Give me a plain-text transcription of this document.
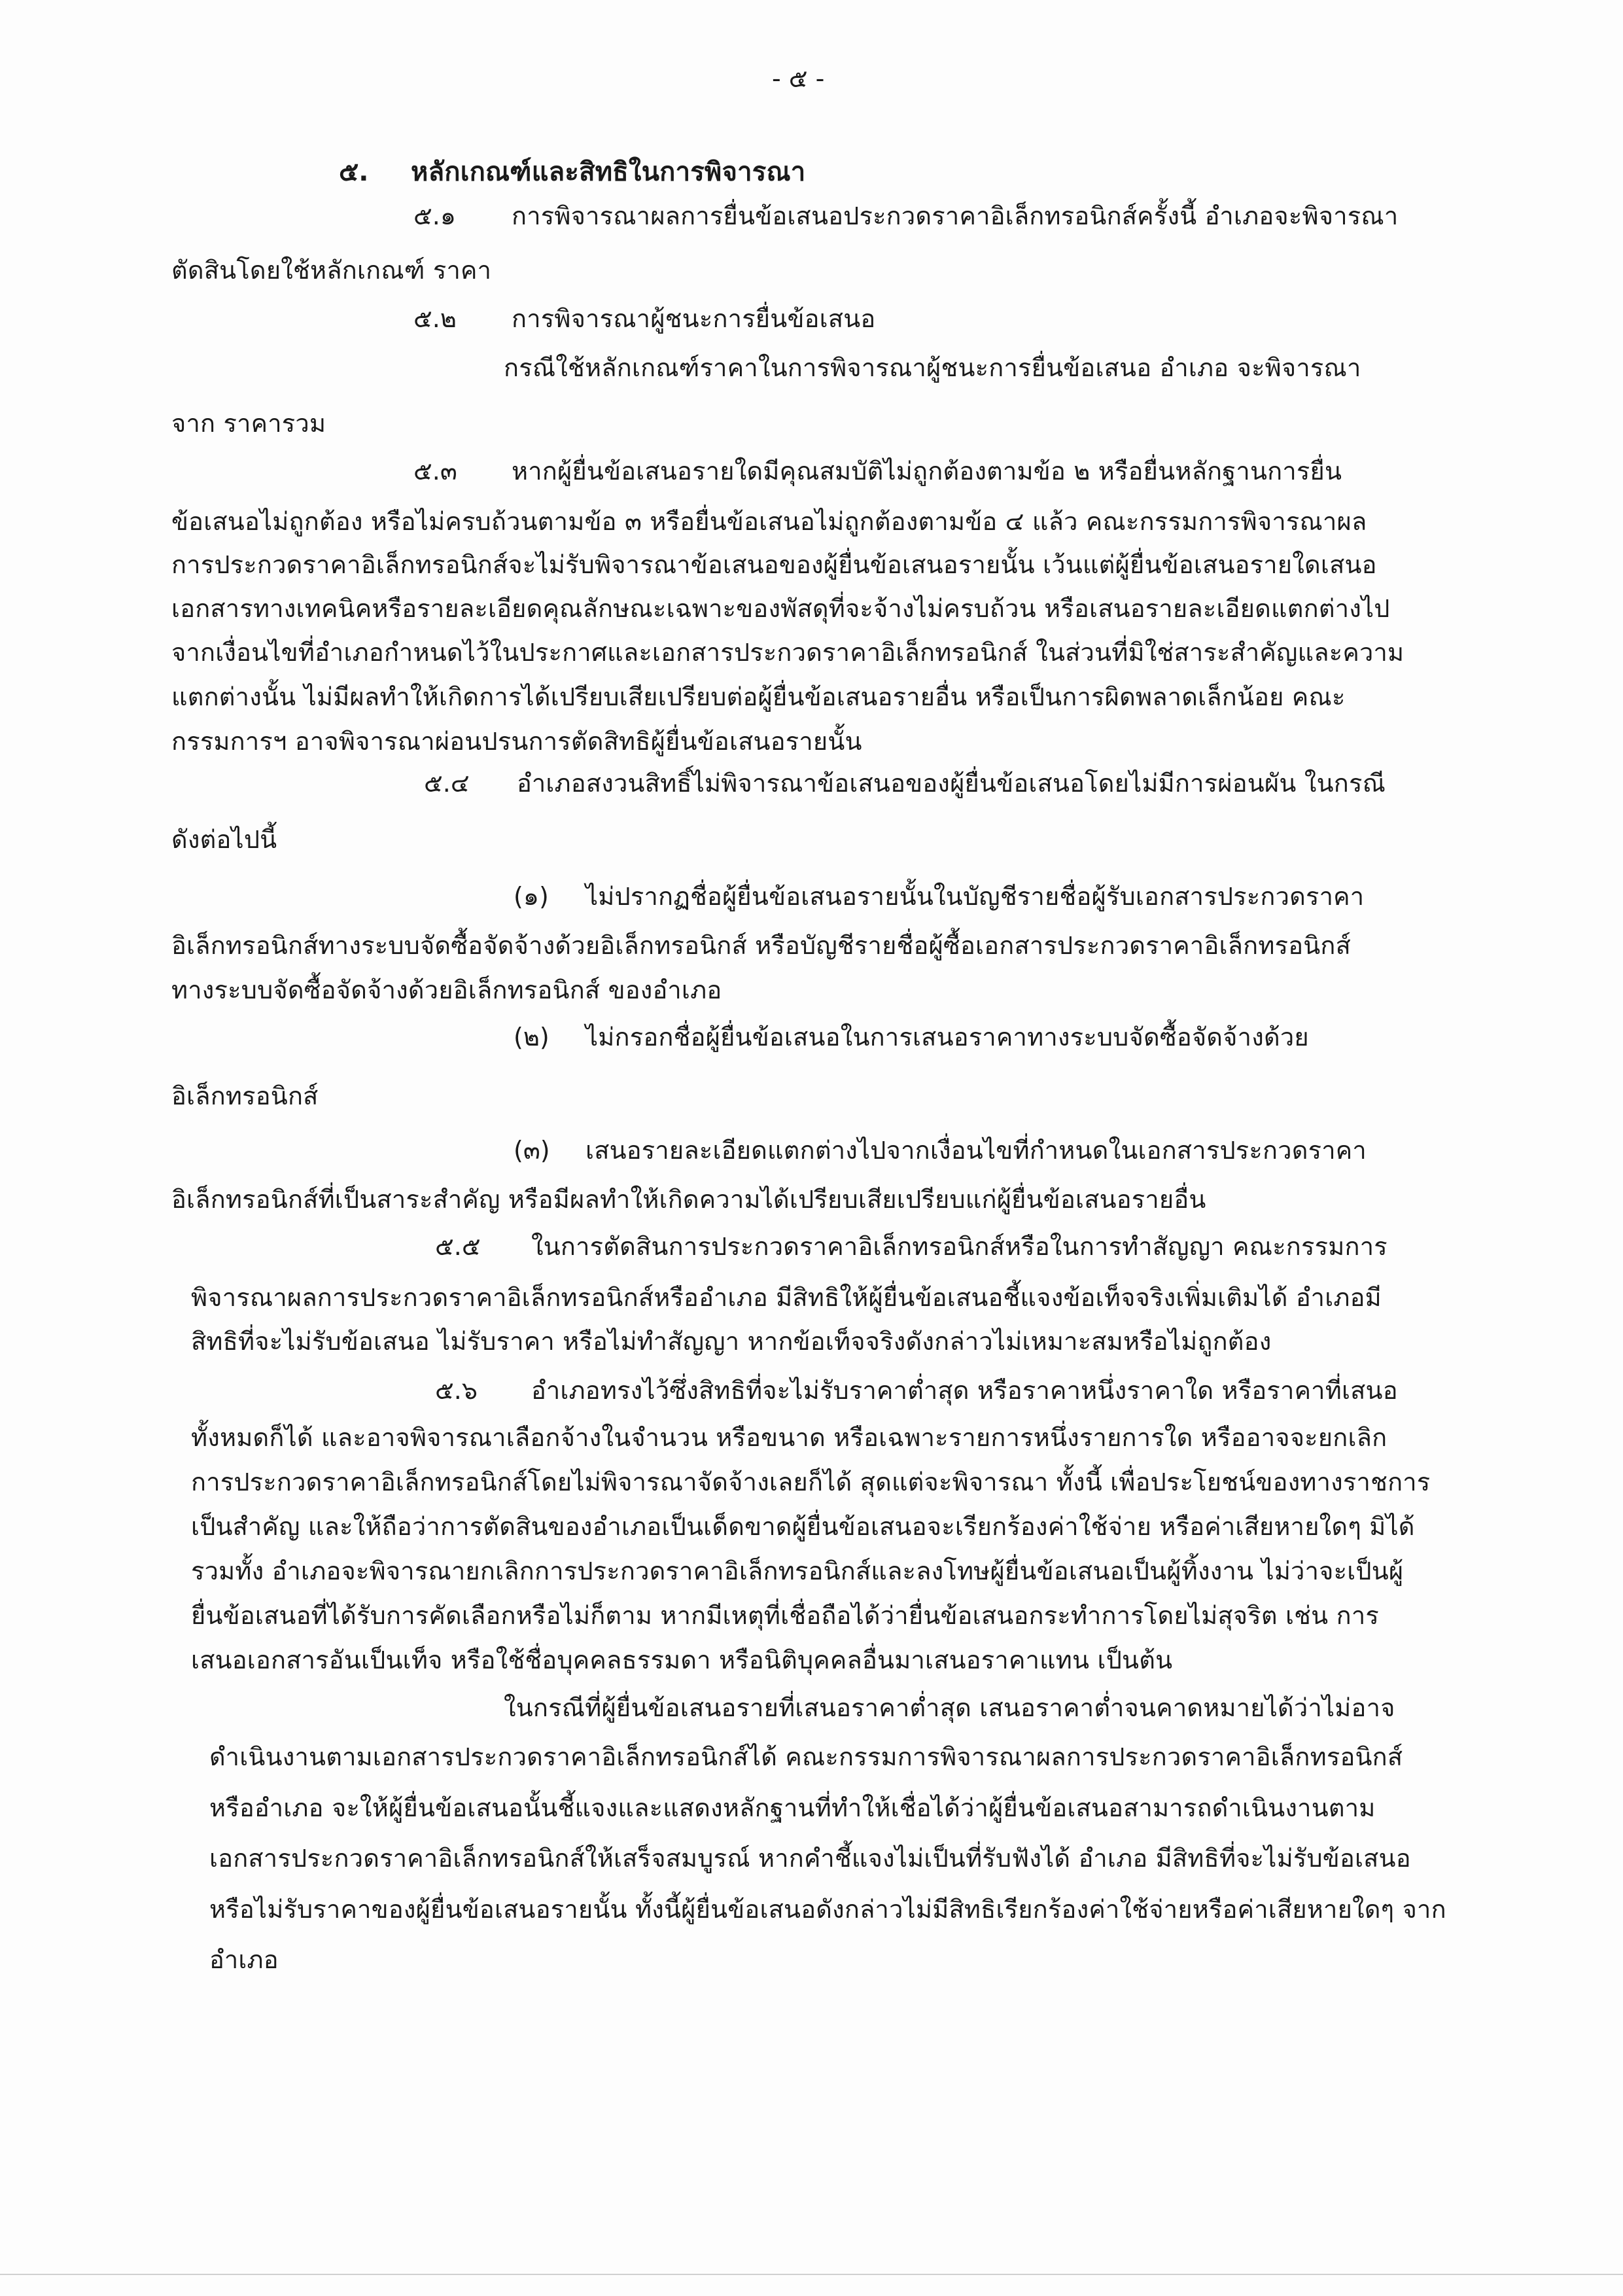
- ๕ -
๕. หลักเกณฑ์และสิทธิในการพิจารณา
๕.๑ การพิจารณาผลการยื่นข้อเสนอประกวดราคาอิเล็กทรอนิกส์ครั้งนี้ อำเภอจะพิจารณา
ตัดสินโดยใช้หลักเกณฑ์ ราคา
๕.๒ การพิจารณาผู้ชนะการยื่นข้อเสนอ
กรณีใช้หลักเกณฑ์ราคาในการพิจารณาผู้ชนะการยื่นข้อเสนอ อำเภอ จะพิจารณา
จาก ราคารวม
๕.๓ หากผู้ยื่นข้อเสนอรายใดมีคุณสมบัติไม่ถูกต้องตามข้อ ๒ หรือยื่นหลักฐานการยื่น
ข้อเสนอไม่ถูกต้อง หรือไม่ครบถ้วนตามข้อ ๓ หรือยื่นข้อเสนอไม่ถูกต้องตามข้อ ๔ แล้ว คณะกรรมการพิจารณาผล
การประกวดราคาอิเล็กทรอนิกส์จะไม่รับพิจารณาข้อเสนอของผู้ยื่นข้อเสนอรายนั้น เว้นแต่ผู้ยื่นข้อเสนอรายใดเสนอ
เอกสารทางเทคนิคหรือรายละเอียดคุณลักษณะเฉพาะของพัสดุที่จะจ้างไม่ครบถ้วน หรือเสนอรายละเอียดแตกต่างไป
จากเงื่อนไขที่อำเภอกำหนดไว้ในประกาศและเอกสารประกวดราคาอิเล็กทรอนิกส์ ในส่วนที่มิใช่สาระสำคัญและความ
แตกต่างนั้น ไม่มีผลทำให้เกิดการได้เปรียบเสียเปรียบต่อผู้ยื่นข้อเสนอรายอื่น หรือเป็นการผิดพลาดเล็กน้อย คณะ
กรรมการฯ อาจพิจารณาผ่อนปรนการตัดสิทธิผู้ยื่นข้อเสนอรายนั้น
๕.๔ อำเภอสงวนสิทธิ์ไม่พิจารณาข้อเสนอของผู้ยื่นข้อเสนอโดยไม่มีการผ่อนผัน ในกรณี
ดังต่อไปนี้
(๑) ไม่ปรากฏชื่อผู้ยื่นข้อเสนอรายนั้นในบัญชีรายชื่อผู้รับเอกสารประกวดราคา
อิเล็กทรอนิกส์ทางระบบจัดซื้อจัดจ้างด้วยอิเล็กทรอนิกส์ หรือบัญชีรายชื่อผู้ซื้อเอกสารประกวดราคาอิเล็กทรอนิกส์
ทางระบบจัดซื้อจัดจ้างด้วยอิเล็กทรอนิกส์ ของอำเภอ
(๒) ไม่กรอกชื่อผู้ยื่นข้อเสนอในการเสนอราคาทางระบบจัดซื้อจัดจ้างด้วย
อิเล็กทรอนิกส์
(๓) เสนอรายละเอียดแตกต่างไปจากเงื่อนไขที่กำหนดในเอกสารประกวดราคา
อิเล็กทรอนิกส์ที่เป็นสาระสำคัญ หรือมีผลทำให้เกิดความได้เปรียบเสียเปรียบแก่ผู้ยื่นข้อเสนอรายอื่น
๕.๕ ในการตัดสินการประกวดราคาอิเล็กทรอนิกส์หรือในการทำสัญญา คณะกรรมการ
พิจารณาผลการประกวดราคาอิเล็กทรอนิกส์หรืออำเภอ มีสิทธิให้ผู้ยื่นข้อเสนอชี้แจงข้อเท็จจริงเพิ่มเติมได้ อำเภอมี
สิทธิที่จะไม่รับข้อเสนอ ไม่รับราคา หรือไม่ทำสัญญา หากข้อเท็จจริงดังกล่าวไม่เหมาะสมหรือไม่ถูกต้อง
๕.๖ อำเภอทรงไว้ซึ่งสิทธิที่จะไม่รับราคาต่ำสุด หรือราคาหนึ่งราคาใด หรือราคาที่เสนอ
ทั้งหมดก็ได้ และอาจพิจารณาเลือกจ้างในจำนวน หรือขนาด หรือเฉพาะรายการหนึ่งรายการใด หรืออาจจะยกเลิก
การประกวดราคาอิเล็กทรอนิกส์โดยไม่พิจารณาจัดจ้างเลยก็ได้ สุดแต่จะพิจารณา ทั้งนี้ เพื่อประโยชน์ของทางราชการ
เป็นสำคัญ และให้ถือว่าการตัดสินของอำเภอเป็นเด็ดขาดผู้ยื่นข้อเสนอจะเรียกร้องค่าใช้จ่าย หรือค่าเสียหายใดๆ มิได้
รวมทั้ง อำเภอจะพิจารณายกเลิกการประกวดราคาอิเล็กทรอนิกส์และลงโทษผู้ยื่นข้อเสนอเป็นผู้ทิ้งงาน ไม่ว่าจะเป็นผู้
ยื่นข้อเสนอที่ได้รับการคัดเลือกหรือไม่ก็ตาม หากมีเหตุที่เชื่อถือได้ว่ายื่นข้อเสนอกระทำการโดยไม่สุจริต เช่น การ
เสนอเอกสารอันเป็นเท็จ หรือใช้ชื่อบุคคลธรรมดา หรือนิติบุคคลอื่นมาเสนอราคาแทน เป็นต้น
ในกรณีที่ผู้ยื่นข้อเสนอรายที่เสนอราคาต่ำสุด เสนอราคาต่ำจนคาดหมายได้ว่าไม่อาจ
ดำเนินงานตามเอกสารประกวดราคาอิเล็กทรอนิกส์ได้ คณะกรรมการพิจารณาผลการประกวดราคาอิเล็กทรอนิกส์
หรืออำเภอ จะให้ผู้ยื่นข้อเสนอนั้นชี้แจงและแสดงหลักฐานที่ทำให้เชื่อได้ว่าผู้ยื่นข้อเสนอสามารถดำเนินงานตาม
เอกสารประกวดราคาอิเล็กทรอนิกส์ให้เสร็จสมบูรณ์ หากคำชี้แจงไม่เป็นที่รับฟังได้ อำเภอ มีสิทธิที่จะไม่รับข้อเสนอ
หรือไม่รับราคาของผู้ยื่นข้อเสนอรายนั้น ทั้งนี้ผู้ยื่นข้อเสนอดังกล่าวไม่มีสิทธิเรียกร้องค่าใช้จ่ายหรือค่าเสียหายใดๆ จาก
อำเภอ
